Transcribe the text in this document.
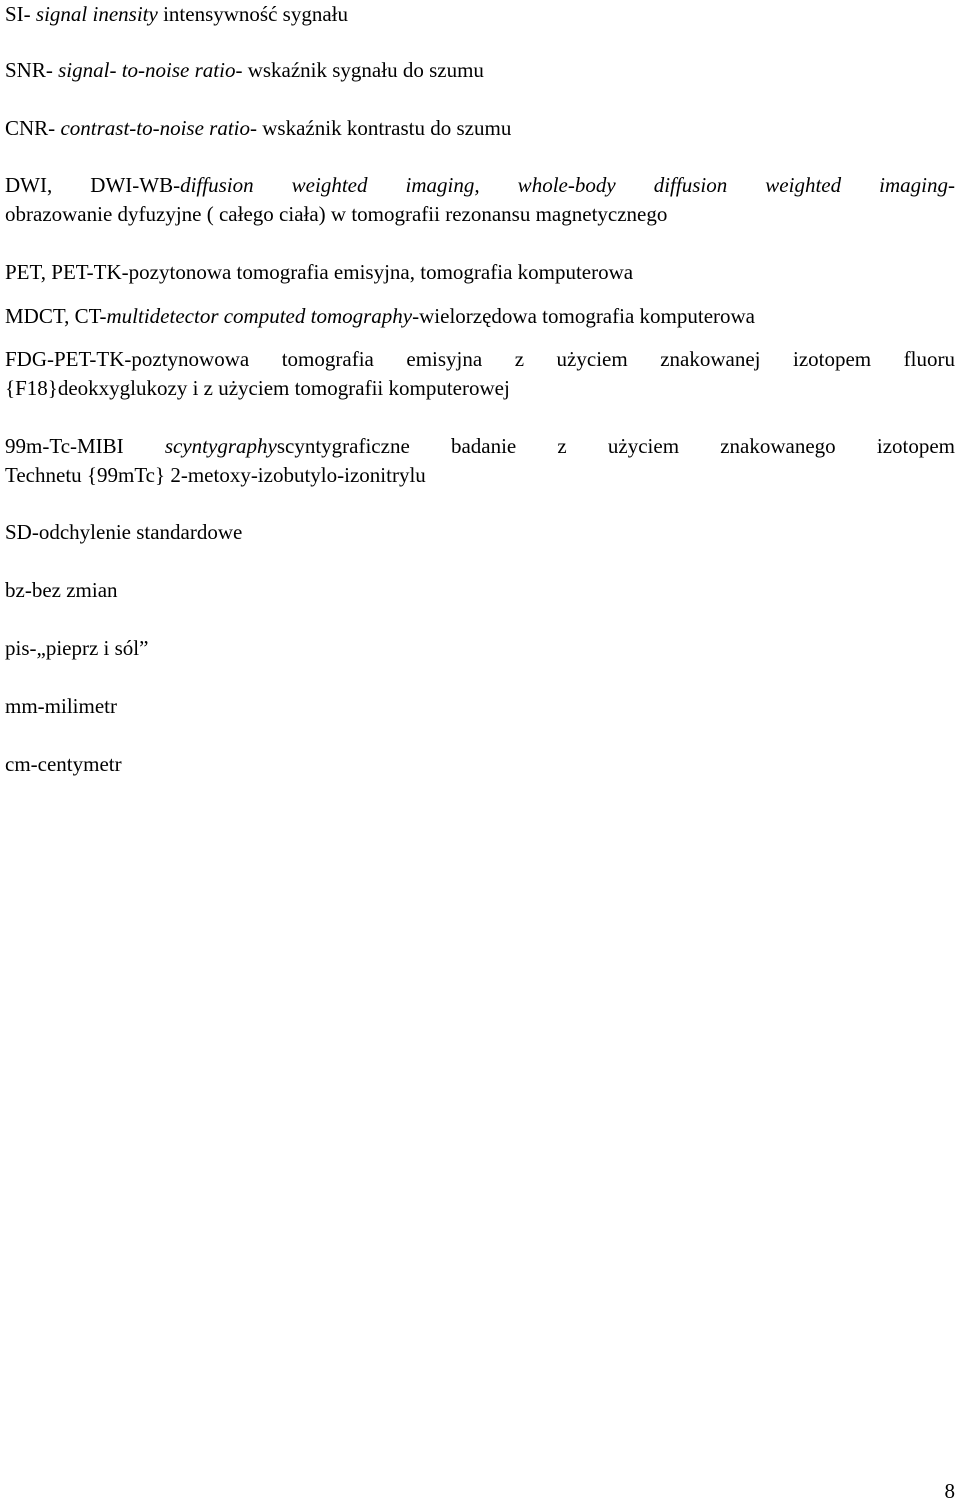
SI- signal inensity intensywność sygnału
SNR- signal- to-noise ratio- wskaźnik sygnału do szumu
CNR- contrast-to-noise ratio- wskaźnik kontrastu do szumu
DWI, DWI-WB-diffusion weighted imaging, whole-body diffusion weighted imaging-
obrazowanie dyfuzyjne ( całego ciała) w tomografii rezonansu magnetycznego
PET, PET-TK-pozytonowa tomografia emisyjna, tomografia komputerowa
MDCT, CT-multidetector computed tomography-wielorzędowa tomografia komputerowa
FDG-PET-TK-poztynowowa tomografia emisyjna z użyciem znakowanej izotopem fluoru
{F18}deokxyglukozy i z użyciem tomografii komputerowej
99m-Tc-MIBI scyntygraphyscyntygraficzne badanie z użyciem znakowanego izotopem
Technetu {99mTc} 2-metoxy-izobutylo-izonitrylu
SD-odchylenie standardowe
bz-bez zmian
pis-„pieprz i sól”
mm-milimetr
cm-centymetr
8
